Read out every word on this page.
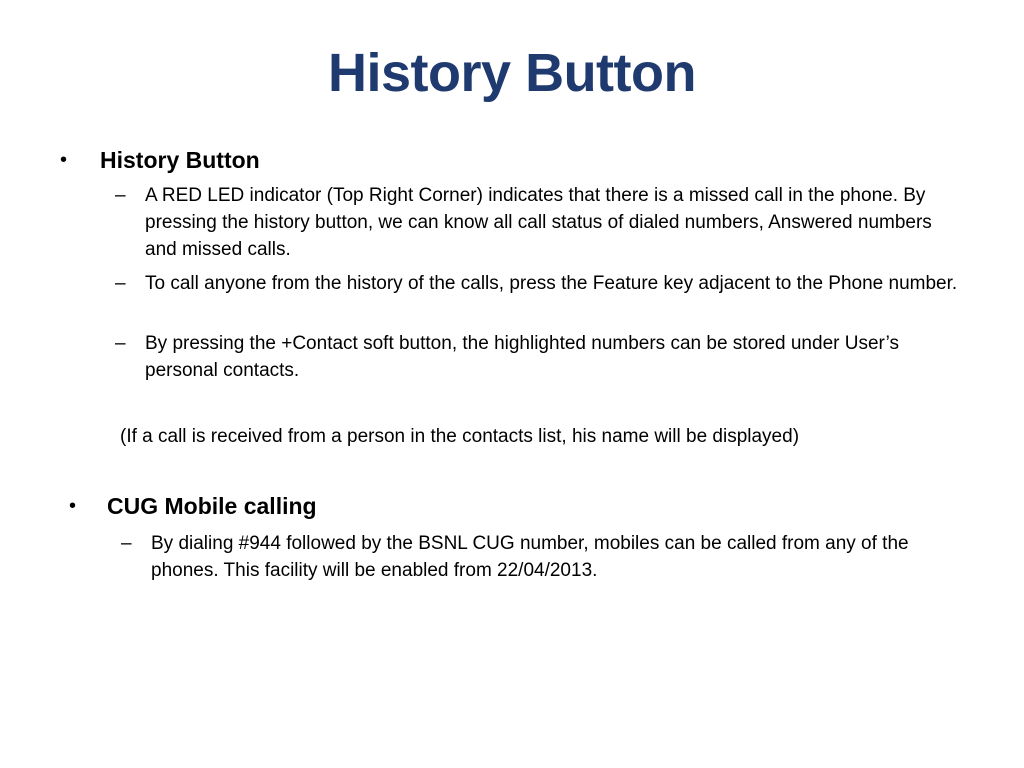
History Button
• History Button
– A RED LED indicator (Top Right Corner) indicates that there is a missed call in the phone. By pressing the history button, we can know all call status of dialed numbers, Answered numbers and missed calls.
– To call anyone from the history of the calls, press the Feature key adjacent to the Phone number.
– By pressing the +Contact soft button, the highlighted numbers can be stored under User’s personal contacts.
(If a call is received from a person in the contacts list, his name will be displayed)
• CUG Mobile calling
– By dialing #944 followed by the BSNL CUG number, mobiles can be called from any of the phones. This facility will be enabled from 22/04/2013.
